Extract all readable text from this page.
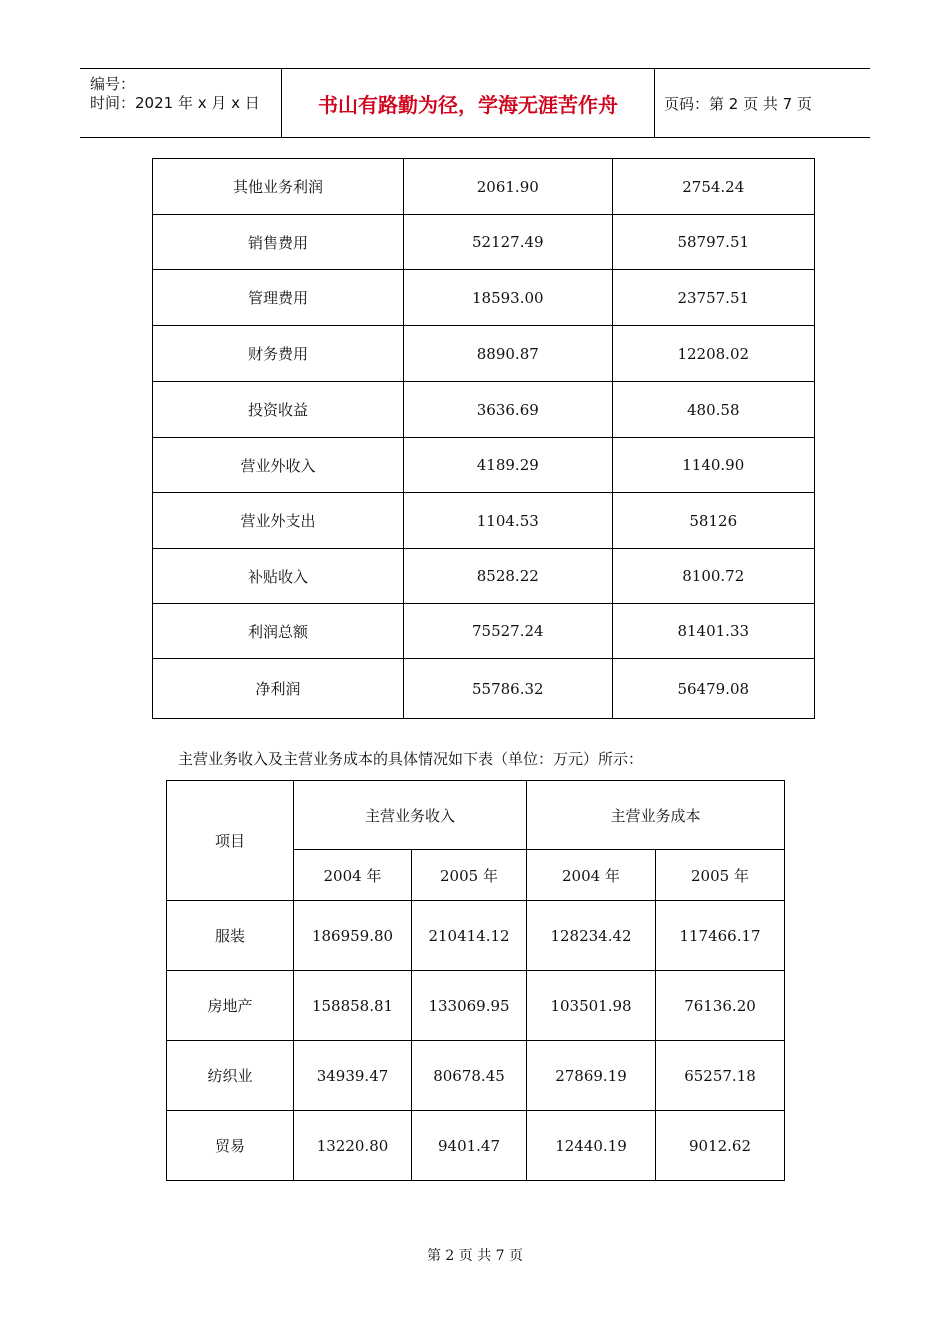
编号：
时间：2021 年 x 月 x 日	书山有路勤为径，学海无涯苦作舟	页码：第 2 页 共 7 页
其他业务利润	2061.90	2754.24
销售费用	52127.49	58797.51
管理费用	18593.00	23757.51
财务费用	8890.87	12208.02
投资收益	3636.69	480.58
营业外收入	4189.29	1140.90
营业外支出	1104.53	58126
补贴收入	8528.22	8100.72
利润总额	75527.24	81401.33
净利润	55786.32	56479.08
主营业务收入及主营业务成本的具体情况如下表（单位：万元）所示：
项目	主营业务收入		主营业务成本	
	2004 年	2005 年	2004 年	2005 年
服装	186959.80	210414.12	128234.42	117466.17
房地产	158858.81	133069.95	103501.98	76136.20
纺织业	34939.47	80678.45	27869.19	65257.18
贸易	13220.80	9401.47	12440.19	9012.62
第 2 页 共 7 页
